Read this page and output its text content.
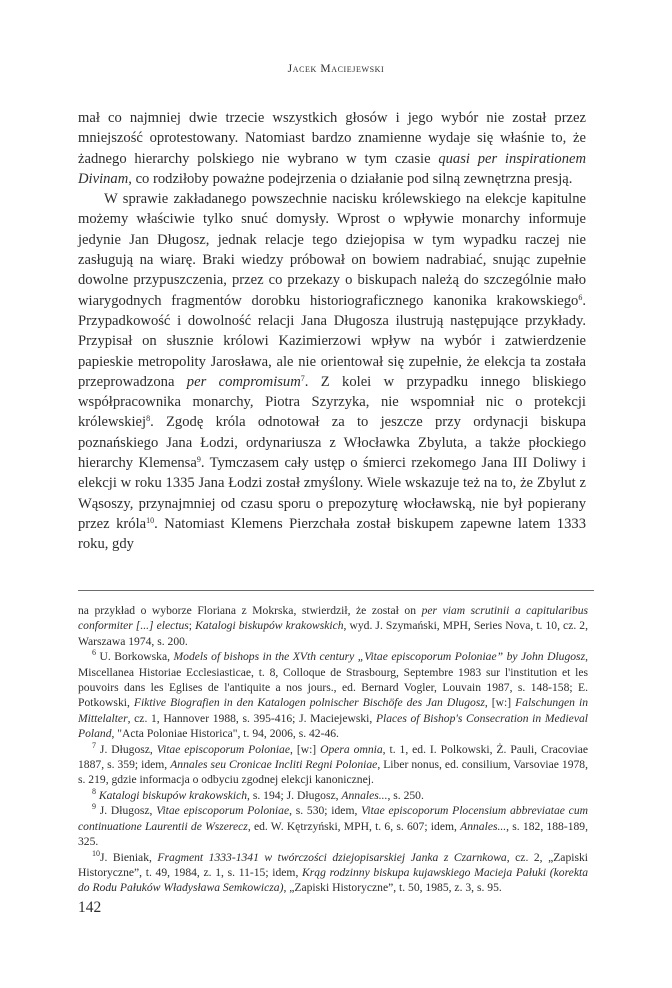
Jacek Maciejewski

mał co najmniej dwie trzecie wszystkich głosów i jego wybór nie został przez mniejszość oprotestowany. Natomiast bardzo znamienne wydaje się właśnie to, że żadnego hierarchy polskiego nie wybrano w tym czasie quasi per inspirationem Divinam, co rodziłoby poważne podejrzenia o działanie pod silną zewnętrzna presją.

W sprawie zakładanego powszechnie nacisku królewskiego na elekcje kapitulne możemy właściwie tylko snuć domysły. Wprost o wpływie monarchy informuje jedynie Jan Długosz, jednak relacje tego dziejopisa w tym wypadku raczej nie zasługują na wiarę. Braki wiedzy próbował on bowiem nadrabiać, snując zupełnie dowolne przypuszczenia, przez co przekazy o biskupach należą do szczególnie mało wiarygodnych fragmentów dorobku historiograficznego kanonika krakowskiego$^6$. Przypadkowość i dowolność relacji Jana Długosza ilustrują następujące przykłady. Przypisał on słusznie królowi Kazimierzowi wpływ na wybór i zatwierdzenie papieskie metropolity Jarosława, ale nie orientował się zupełnie, że elekcja ta została przeprowadzona per compromisum$^7$. Z kolei w przypadku innego bliskiego współpracownika monarchy, Piotra Szyrzyka, nie wspomniał nic o protekcji królewskiej$^8$. Zgodę króla odnotował za to jeszcze przy ordynacji biskupa poznańskiego Jana Łodzi, ordynariusza z Włocławka Zbyluta, a także płockiego hierarchy Klemensa$^9$. Tymczasem cały ustęp o śmierci rzekomego Jana III Doliwy i elekcji w roku 1335 Jana Łodzi został zmyślony. Wiele wskazuje też na to, że Zbylut z Wąsoszy, przynajmniej od czasu sporu o prepozyturę włocławską, nie był popierany przez króla$^{10}$. Natomiast Klemens Pierzchała został biskupem zapewne latem 1333 roku, gdy

na przykład o wyborze Floriana z Mokrska, stwierdził, że został on per viam scrutinii a capitularibus conformiter [...] electus; Katalogi biskupów krakowskich, wyd. J. Szymański, MPH, Series Nova, t. 10, cz. 2, Warszawa 1974, s. 200.

$^6$ U. Borkowska, Models of bishops in the XVth century „Vitae episcoporum Poloniae” by John Dlugosz, Miscellanea Historiae Ecclesiasticae, t. 8, Colloque de Strasbourg, Septembre 1983 sur l'institution et les pouvoirs dans les Eglises de l'antiquite a nos jours., ed. Bernard Vogler, Louvain 1987, s. 148-158; E. Potkowski, Fiktive Biografien in den Katalogen polnischer Bischöfe des Jan Dlugosz, [w:] Falschungen in Mittelalter, cz. 1, Hannover 1988, s. 395-416; J. Maciejewski, Places of Bishop's Consecration in Medieval Poland, "Acta Poloniae Historica", t. 94, 2006, s. 42-46.

$^7$ J. Długosz, Vitae episcoporum Poloniae, [w:] Opera omnia, t. 1, ed. I. Polkowski, Ż. Pauli, Cracoviae 1887, s. 359; idem, Annales seu Cronicae Incliti Regni Poloniae, Liber nonus, ed. consilium, Varsoviae 1978, s. 219, gdzie informacja o odbyciu zgodnej elekcji kanonicznej.

$^8$ Katalogi biskupów krakowskich, s. 194; J. Długosz, Annales..., s. 250.

$^9$ J. Długosz, Vitae episcoporum Poloniae, s. 530; idem, Vitae episcoporum Plocensium abbreviatae cum continuatione Laurentii de Wszerecz, ed. W. Kętrzyński, MPH, t. 6, s. 607; idem, Annales..., s. 182, 188-189, 325.

$^{10}$J. Bieniak, Fragment 1333-1341 w twórczości dziejopisarskiej Janka z Czarnkowa, cz. 2, „Zapiski Historyczne”, t. 49, 1984, z. 1, s. 11-15; idem, Krąg rodzinny biskupa kujawskiego Macieja Pałuki (korekta do Rodu Pałuków Władysława Semkowicza), „Zapiski Historyczne”, t. 50, 1985, z. 3, s. 95.

142
